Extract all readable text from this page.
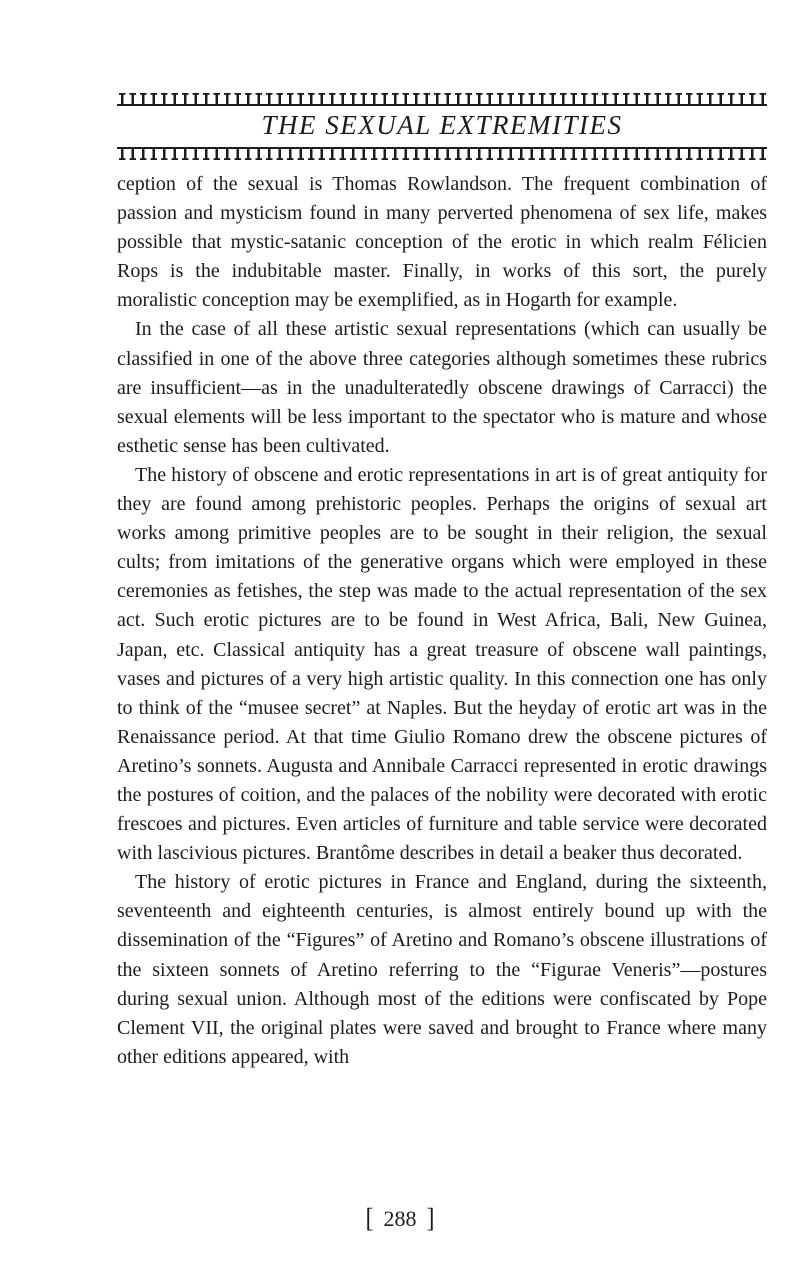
THE SEXUAL EXTREMITIES

ception of the sexual is Thomas Rowlandson. The frequent combination of passion and mysticism found in many perverted phenomena of sex life, makes possible that mystic-satanic conception of the erotic in which realm Félicien Rops is the indubitable master. Finally, in works of this sort, the purely moralistic conception may be exemplified, as in Hogarth for example.

In the case of all these artistic sexual representations (which can usually be classified in one of the above three categories although sometimes these rubrics are insufficient—as in the unadulteratedly obscene drawings of Carracci) the sexual elements will be less important to the spectator who is mature and whose esthetic sense has been cultivated.

The history of obscene and erotic representations in art is of great antiquity for they are found among prehistoric peoples. Perhaps the origins of sexual art works among primitive peoples are to be sought in their religion, the sexual cults; from imitations of the generative organs which were employed in these ceremonies as fetishes, the step was made to the actual representation of the sex act. Such erotic pictures are to be found in West Africa, Bali, New Guinea, Japan, etc. Classical antiquity has a great treasure of obscene wall paintings, vases and pictures of a very high artistic quality. In this connection one has only to think of the “musee secret” at Naples. But the heyday of erotic art was in the Renaissance period. At that time Giulio Romano drew the obscene pictures of Aretino’s sonnets. Augusta and Annibale Carracci represented in erotic drawings the postures of coition, and the palaces of the nobility were decorated with erotic frescoes and pictures. Even articles of furniture and table service were decorated with lascivious pictures. Brantôme describes in detail a beaker thus decorated.

The history of erotic pictures in France and England, during the sixteenth, seventeenth and eighteenth centuries, is almost entirely bound up with the dissemination of the “Figures” of Aretino and Romano’s obscene illustrations of the sixteen sonnets of Aretino referring to the “Figurae Veneris”—postures during sexual union. Although most of the editions were confiscated by Pope Clement VII, the original plates were saved and brought to France where many other editions appeared, with

[ 288 ]
